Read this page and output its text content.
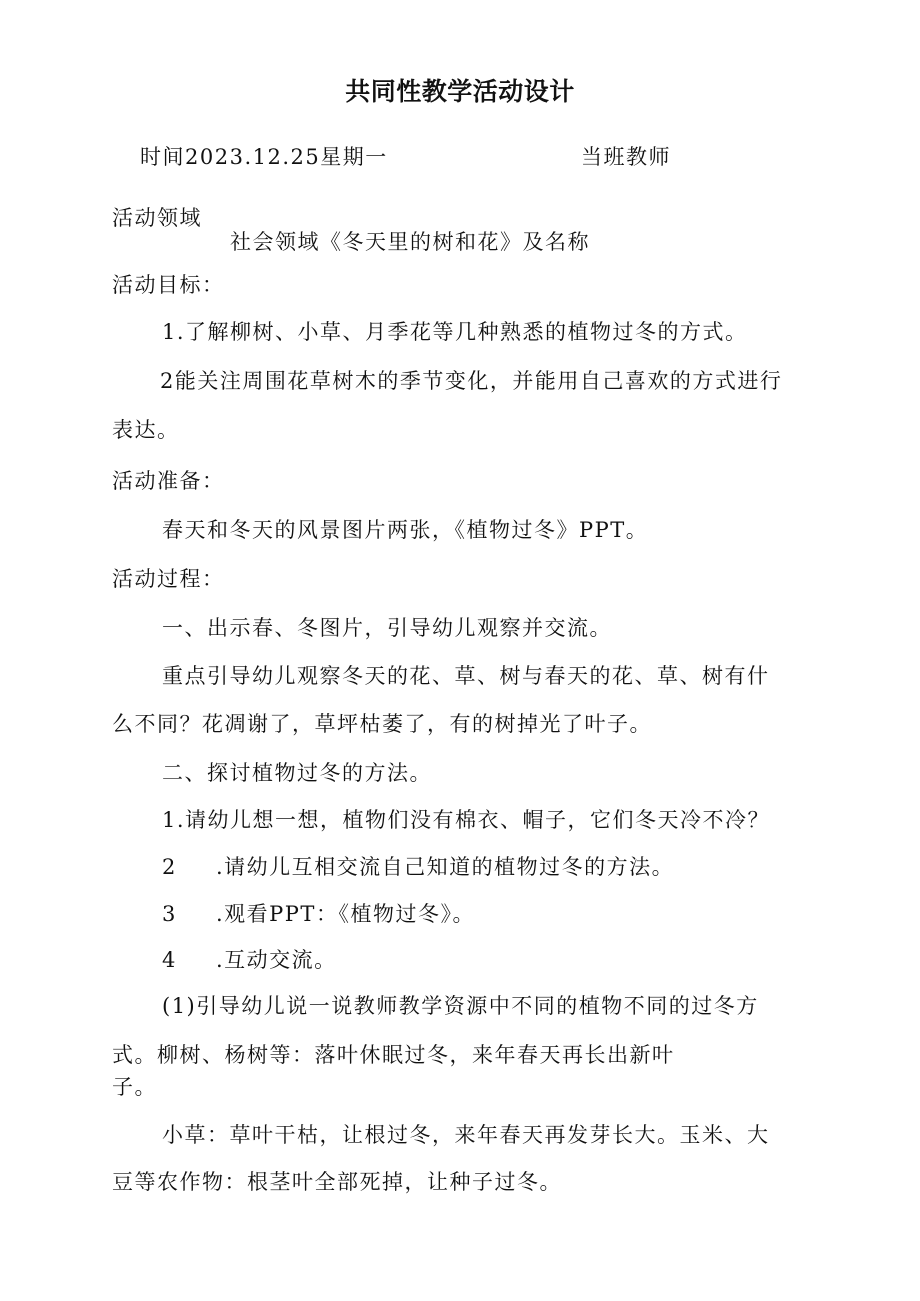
共同性教学活动设计
时间2023.12.25星期一	当班教师
活动领域
社会领域《冬天里的树和花》及名称
活动目标：
1.了解柳树、小草、月季花等几种熟悉的植物过冬的方式。
2能关注周围花草树木的季节变化，并能用自己喜欢的方式进行
表达。
活动准备：
春天和冬天的风景图片两张，《植物过冬》PPT。
活动过程：
一、出示春、冬图片，引导幼儿观察并交流。
重点引导幼儿观察冬天的花、草、树与春天的花、草、树有什
么不同？花凋谢了，草坪枯萎了，有的树掉光了叶子。
二、探讨植物过冬的方法。
1.请幼儿想一想，植物们没有棉衣、帽子，它们冬天冷不冷？
2 .请幼儿互相交流自己知道的植物过冬的方法。
3 .观看PPT：《植物过冬》。
4 .互动交流。
(1)引导幼儿说一说教师教学资源中不同的植物不同的过冬方
式。柳树、杨树等：落叶休眠过冬，来年春天再长出新叶
子。
小草：草叶干枯，让根过冬，来年春天再发芽长大。玉米、大
豆等农作物：根茎叶全部死掉，让种子过冬。
